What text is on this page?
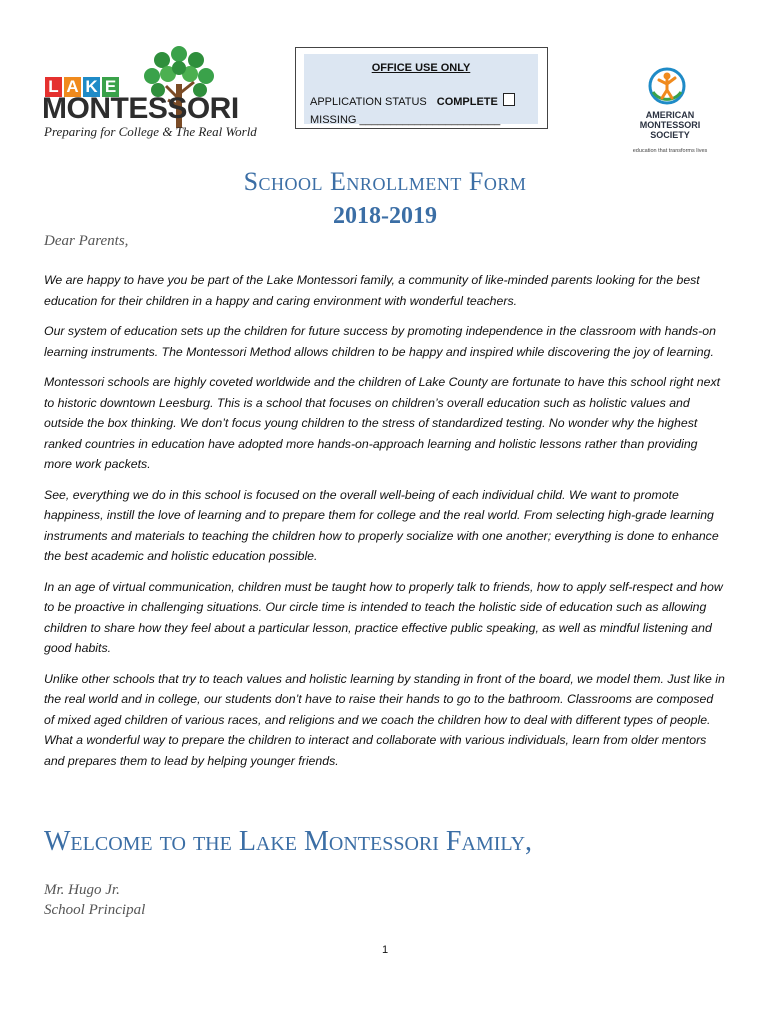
L A K E
MONTESSORI
Preparing for College & The Real World
OFFICE USE ONLY
APPLICATION STATUS COMPLETE
MISSING _______________________	AMERICAN
MONTESSORI
SOCIETY
education that transforms lives
School Enrollment Form
2018-2019
Dear Parents,

We are happy to have you be part of the Lake Montessori family, a community of like-minded parents looking for the best education for their children in a happy and caring environment with wonderful teachers.

Our system of education sets up the children for future success by promoting independence in the classroom with hands-on learning instruments. The Montessori Method allows children to be happy and inspired while discovering the joy of learning.

Montessori schools are highly coveted worldwide and the children of Lake County are fortunate to have this school right next to historic downtown Leesburg. This is a school that focuses on children’s overall education such as holistic values and outside the box thinking. We don’t focus young children to the stress of standardized testing. No wonder why the highest ranked countries in education have adopted more hands-on-approach learning and holistic lessons rather than providing more work packets.

See, everything we do in this school is focused on the overall well-being of each individual child. We want to promote happiness, instill the love of learning and to prepare them for college and the real world. From selecting high-grade learning instruments and materials to teaching the children how to properly socialize with one another; everything is done to enhance the best academic and holistic education possible.

In an age of virtual communication, children must be taught how to properly talk to friends, how to apply self-respect and how to be proactive in challenging situations. Our circle time is intended to teach the holistic side of education such as allowing children to share how they feel about a particular lesson, practice effective public speaking, as well as mindful listening and good habits.

Unlike other schools that try to teach values and holistic learning by standing in front of the board, we model them. Just like in the real world and in college, our students don’t have to raise their hands to go to the bathroom. Classrooms are composed of mixed aged children of various races, and religions and we coach the children how to deal with different types of people. What a wonderful way to prepare the children to interact and collaborate with various individuals, learn from older mentors and prepares them to lead by helping younger friends.

Welcome to the Lake Montessori Family,
Mr. Hugo Jr.
School Principal
1
